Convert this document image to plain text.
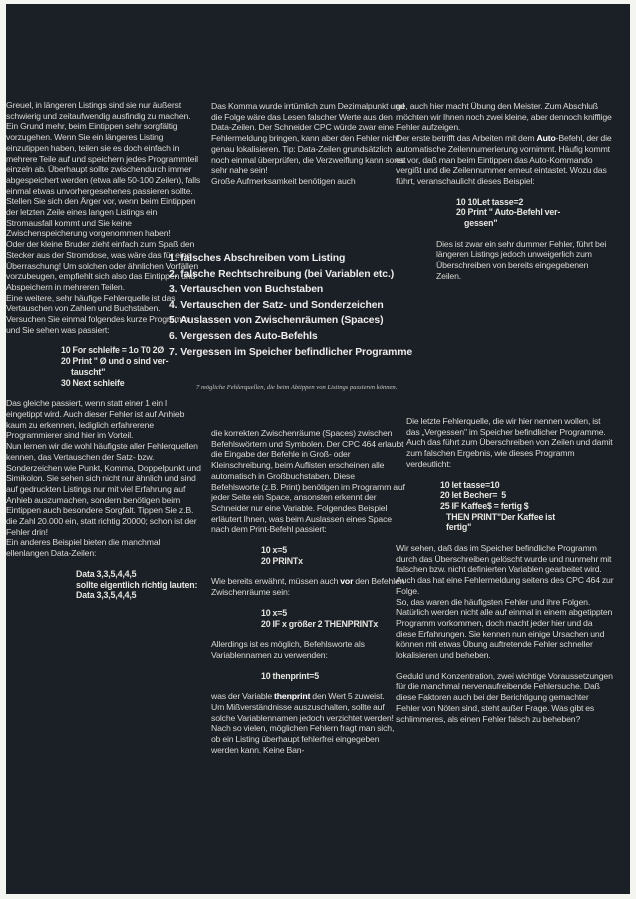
Greuel, in längeren Listings sind sie nur äußerst schwierig und zeitaufwendig ausfindig zu machen. Ein Grund mehr, beim Eintippen sehr sorgfältig vorzugehen. Wenn Sie ein längeres Listing einzutippen haben, teilen sie es doch einfach in mehrere Teile auf und speichern jedes Programmteil einzeln ab. Überhaupt sollte zwischendurch immer abgespeichert werden (etwa alle 50-100 Zeilen), falls einmal etwas unvorhergesehenes passieren sollte. Stellen Sie sich den Ärger vor, wenn beim Eintippen der letzten Zeile eines langen Listings ein Stromausfall kommt und Sie keine Zwischenspeicherung vorgenommen haben!

Oder der kleine Bruder zieht einfach zum Spaß den Stecker aus der Stromdose, was wäre das für eine Überraschung! Um solchen oder ähnlichen Vorfällen vorzubeugen, empfiehlt sich also das Eintippen und Abspeichern in mehreren Teilen.

Eine weitere, sehr häufige Fehlerquelle ist das Vertauschen von Zahlen und Buchstaben. Versuchen Sie einmal folgendes kurze Programm und Sie sehen was passiert:

10 For schleife = 1o T0 2Ø
20 Print " Ø und o sind ver-
tauscht"
30 Next schleife

Das gleiche passiert, wenn statt einer 1 ein I eingetippt wird. Auch dieser Fehler ist auf Anhieb kaum zu erkennen, lediglich erfahrerene Programmierer sind hier im Vorteil.

Nun lernen wir die wohl häufigste aller Fehlerquellen kennen, das Vertauschen der Satz- bzw. Sonderzeichen wie Punkt, Komma, Doppelpunkt und Simikolon. Sie sehen sich nicht nur ähnlich und sind auf gedruckten Listings nur mit viel Erfahrung auf Anhieb auszumachen, sondern benötigen beim Eintippen auch besondere Sorgfalt. Tippen Sie z.B. die Zahl 20.000 ein, statt richtig 20000; schon ist der Fehler drin!

Ein anderes Beispiel bieten die manchmal ellenlangen Data-Zeilen:

Data 3,3,5,4,4,5
sollte eigentlich richtig lauten:
Data 3,3,5,4,4,5

Das Komma wurde irrtümlich zum Dezimalpunkt und die Folge wäre das Lesen falscher Werte aus den Data-Zeilen. Der Schneider CPC würde zwar eine Fehlermeldung bringen, kann aber den Fehler nicht genau lokalisieren. Tip: Data-Zeilen grundsätzlich noch einmal überprüfen, die Verzweiflung kann sonst sehr nahe sein!

Große Aufmerksamkeit benötigen auch

ge, auch hier macht Übung den Meister. Zum Abschluß möchten wir Ihnen noch zwei kleine, aber dennoch knifflige Fehler aufzeigen.

Der erste betrifft das Arbeiten mit dem Auto-Befehl, der die automatische Zeilennumerierung vornimmt. Häufig kommt es vor, daß man beim Eintippen das Auto-Kommando vergißt und die Zeilennummer erneut eintastet. Wozu das führt, veranschaulicht dieses Beispiel:

10 10Let tasse=2
20 Print " Auto-Befehl ver-
gessen"

Dies ist zwar ein sehr dummer Fehler, führt bei längeren Listings jedoch unweigerlich zum Überschreiben von bereits eingegebenen Zeilen.

1. falsches Abschreiben vom Listing
2. falsche Rechtschreibung (bei Variablen etc.)
3. Vertauschen von Buchstaben
4. Vertauschen der Satz- und Sonderzeichen
5. Auslassen von Zwischenräumen (Spaces)
6. Vergessen des Auto-Befehls
7. Vergessen im Speicher befindlicher Programme
7 mögliche Fehlerquellen, die beim Abtippen von Listings passieren können.

die korrekten Zwischenräume (Spaces) zwischen Befehlswörtern und Symbolen. Der CPC 464 erlaubt die Eingabe der Befehle in Groß- oder Kleinschreibung, beim Auflisten erscheinen alle automatisch in Großbuchstaben. Diese Befehlsworte (z.B. Print) benötigen im Programm auf jeder Seite ein Space, ansonsten erkennt der Schneider nur eine Variable. Folgendes Beispiel erläutert Ihnen, was beim Auslassen eines Space nach dem Print-Befehl passiert:

10 x=5
20 PRINTx

Wie bereits erwähnt, müssen auch vor den Befehlen Zwischenräume sein:

10 x=5
20 IF x größer 2 THENPRINTx

Allerdings ist es möglich, Befehlsworte als Variablennamen zu verwenden:

10 thenprint=5

was der Variable thenprint den Wert 5 zuweist.

Um Mißverständnisse auszuschalten, sollte auf solche Variablennamen jedoch verzichtet werden!

Nach so vielen, möglichen Fehlern fragt man sich, ob ein Listing überhaupt fehlerfrei eingegeben werden kann. Keine Ban-

Die letzte Fehlerquelle, die wir hier nennen wollen, ist das „Vergessen" im Speicher befindlicher Programme. Auch das führt zum Überschreiben von Zeilen und damit zum falschen Ergebnis, wie dieses Programm verdeutlicht:

10 let tasse=10
20 let Becher=  5
25 IF Kaffee$ = fertig $
THEN PRINT"Der Kaffee ist
fertig"

Wir sehen, daß das im Speicher befindliche Programm durch das Überschreiben gelöscht wurde und nunmehr mit falschen bzw. nicht definierten Variablen gearbeitet wird. Auch das hat eine Fehlermeldung seitens des CPC 464 zur Folge.

So, das waren die häufigsten Fehler und ihre Folgen. Natürlich werden nicht alle auf einmal in einem abgetippten Programm vorkommen, doch macht jeder hier und da diese Erfahrungen. Sie kennen nun einige Ursachen und können mit etwas Übung auftretende Fehler schneller lokalisieren und beheben.

Geduld und Konzentration, zwei wichtige Voraussetzungen für die manchmal nervenaufreibende Fehlersuche. Daß diese Faktoren auch bei der Berichtigung gemachter Fehler von Nöten sind, steht außer Frage. Was gibt es schlimmeres, als einen Fehler falsch zu beheben?
